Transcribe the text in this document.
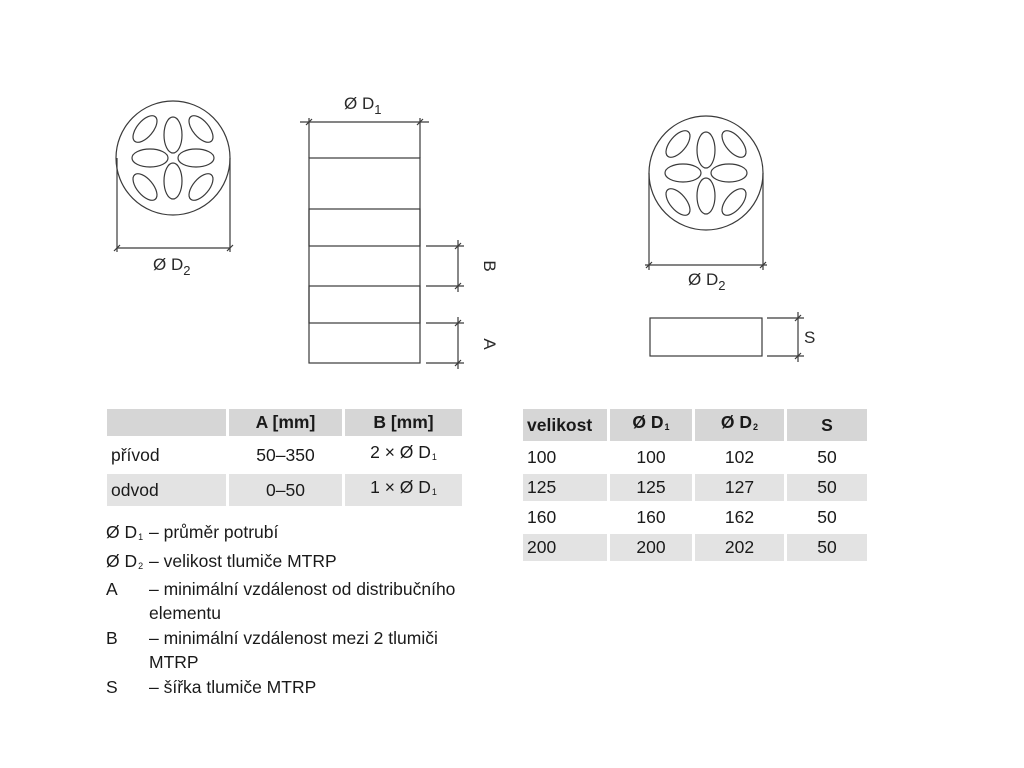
Ø $D_2$
Ø $D_1$
B
A
Ø $D_2$
S
	A [mm]	B [mm]
přívod	50–350	2 × Ø $D_1$
odvod	0–50	1 × Ø $D_1$
velikost	Ø $D_1$	Ø $D_2$	S
100	100	102	50
125	125	127	50
160	160	162	50
200	200	202	50
Ø $D_1$ – průměr potrubí
Ø $D_2$ – velikost tlumiče MTRP
A	– minimální vzdálenost od distribučního elementu
B	– minimální vzdálenost mezi 2 tlumiči MTRP
S	– šířka tlumiče MTRP
